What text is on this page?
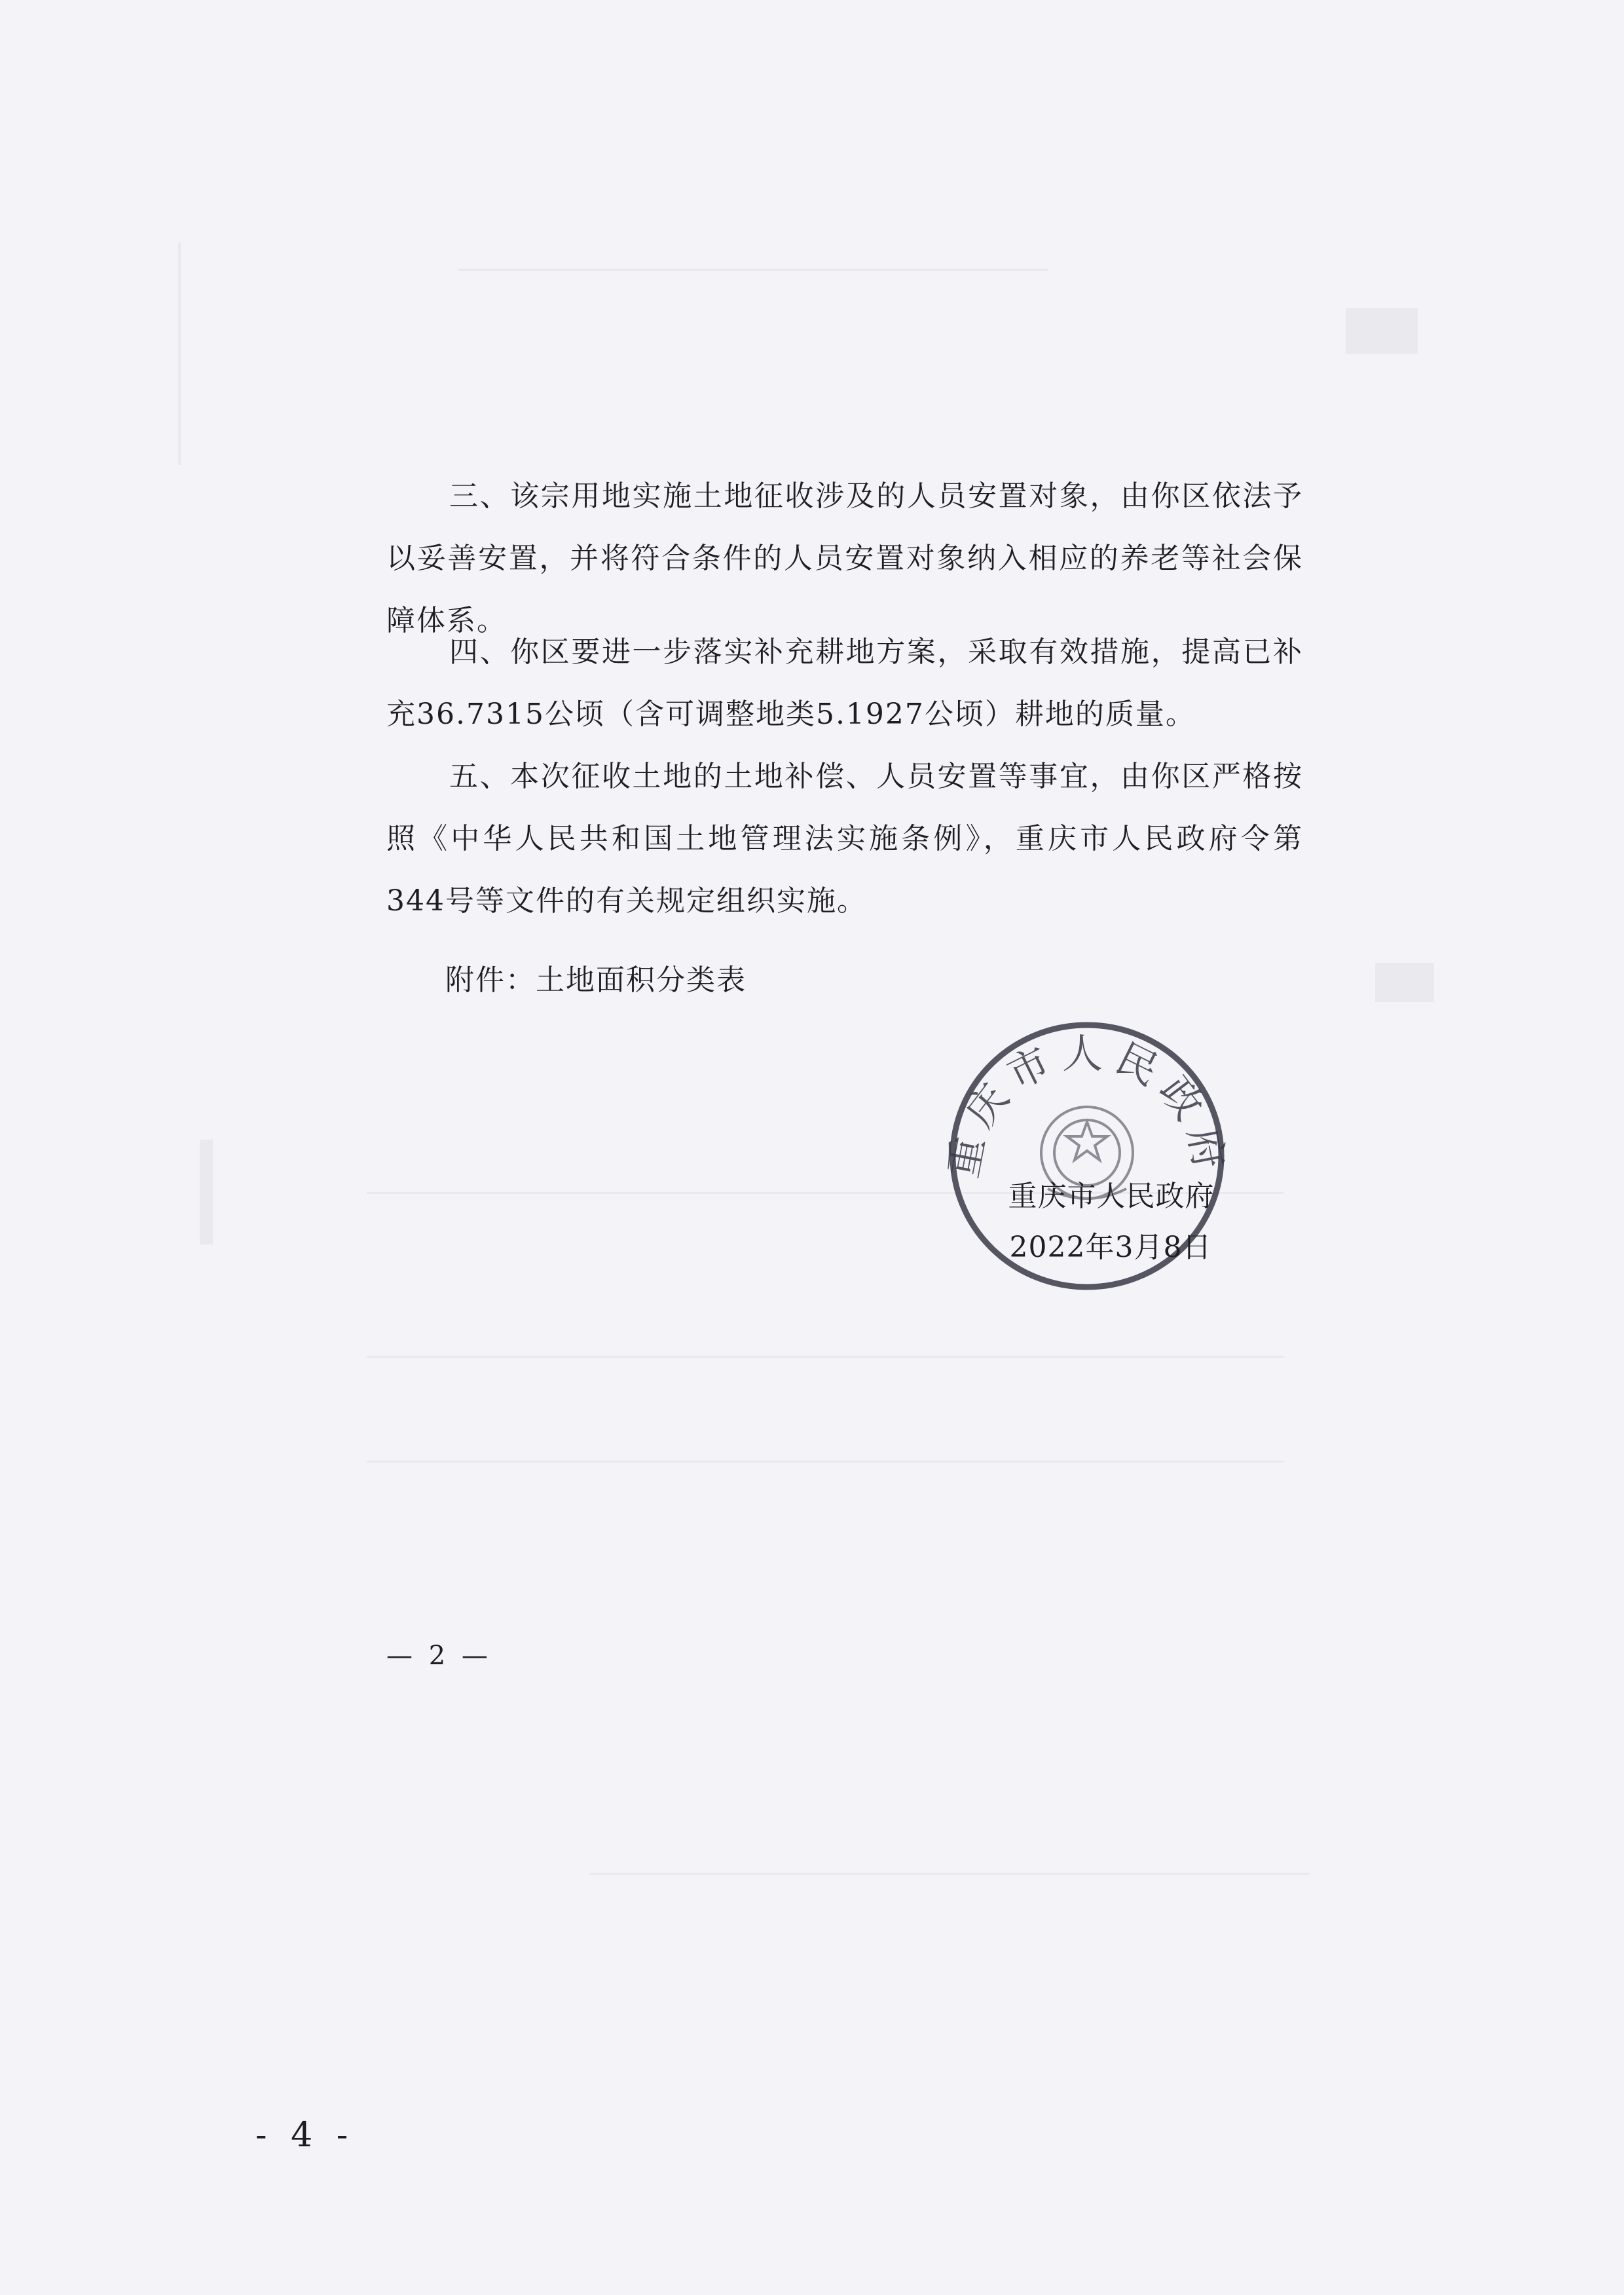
三、该宗用地实施土地征收涉及的人员安置对象，由你区依法予以妥善安置，并将符合条件的人员安置对象纳入相应的养老等社会保障体系。

四、你区要进一步落实补充耕地方案，采取有效措施，提高已补充36.7315公顷（含可调整地类5.1927公顷）耕地的质量。

五、本次征收土地的土地补偿、人员安置等事宜，由你区严格按照《中华人民共和国土地管理法实施条例》，重庆市人民政府令第344号等文件的有关规定组织实施。

附件：土地面积分类表

重庆市人民政府
重庆市人民政府
2022年3月8日
— 2 —
- 4 -
